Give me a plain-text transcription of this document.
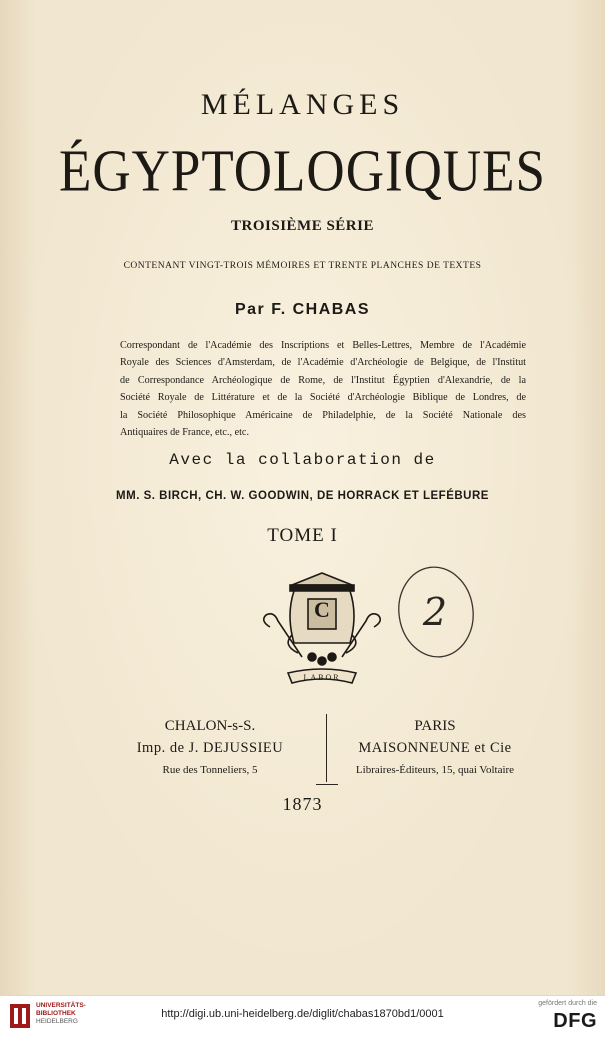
MÉLANGES
ÉGYPTOLOGIQUES
TROISIÈME SÉRIE
CONTENANT VINGT-TROIS MÉMOIRES ET TRENTE PLANCHES DE TEXTES
Par F. CHABAS
Correspondant de l'Académie des Inscriptions et Belles-Lettres, Membre de l'Académie
Royale des Sciences d'Amsterdam, de l'Académie d'Archéologie de Belgique, de l'Institut
de Correspondance Archéologique de Rome, de l'Institut Égyptien d'Alexandrie, de la
Société Royale de Littérature et de la Société d'Archéologie Biblique de Londres, de
la Société Philosophique Américaine de Philadelphie, de la Société Nationale des
Antiquaires de France, etc., etc.
Avec la collaboration de
MM. S. BIRCH, CH. W. GOODWIN, DE HORRACK ET LEFÉBURE
TOME I
C
LABOR
2
CHALON-s-S.
Imp. de J. DEJUSSIEU
Rue des Tonneliers, 5
PARIS
MAISONNEUNE et Cie
Libraires-Éditeurs, 15, quai Voltaire
1873
UNIVERSITÄTS-
BIBLIOTHEK
HEIDELBERG
http://digi.ub.uni-heidelberg.de/diglit/chabas1870bd1/0001
gefördert durch die
DFG
